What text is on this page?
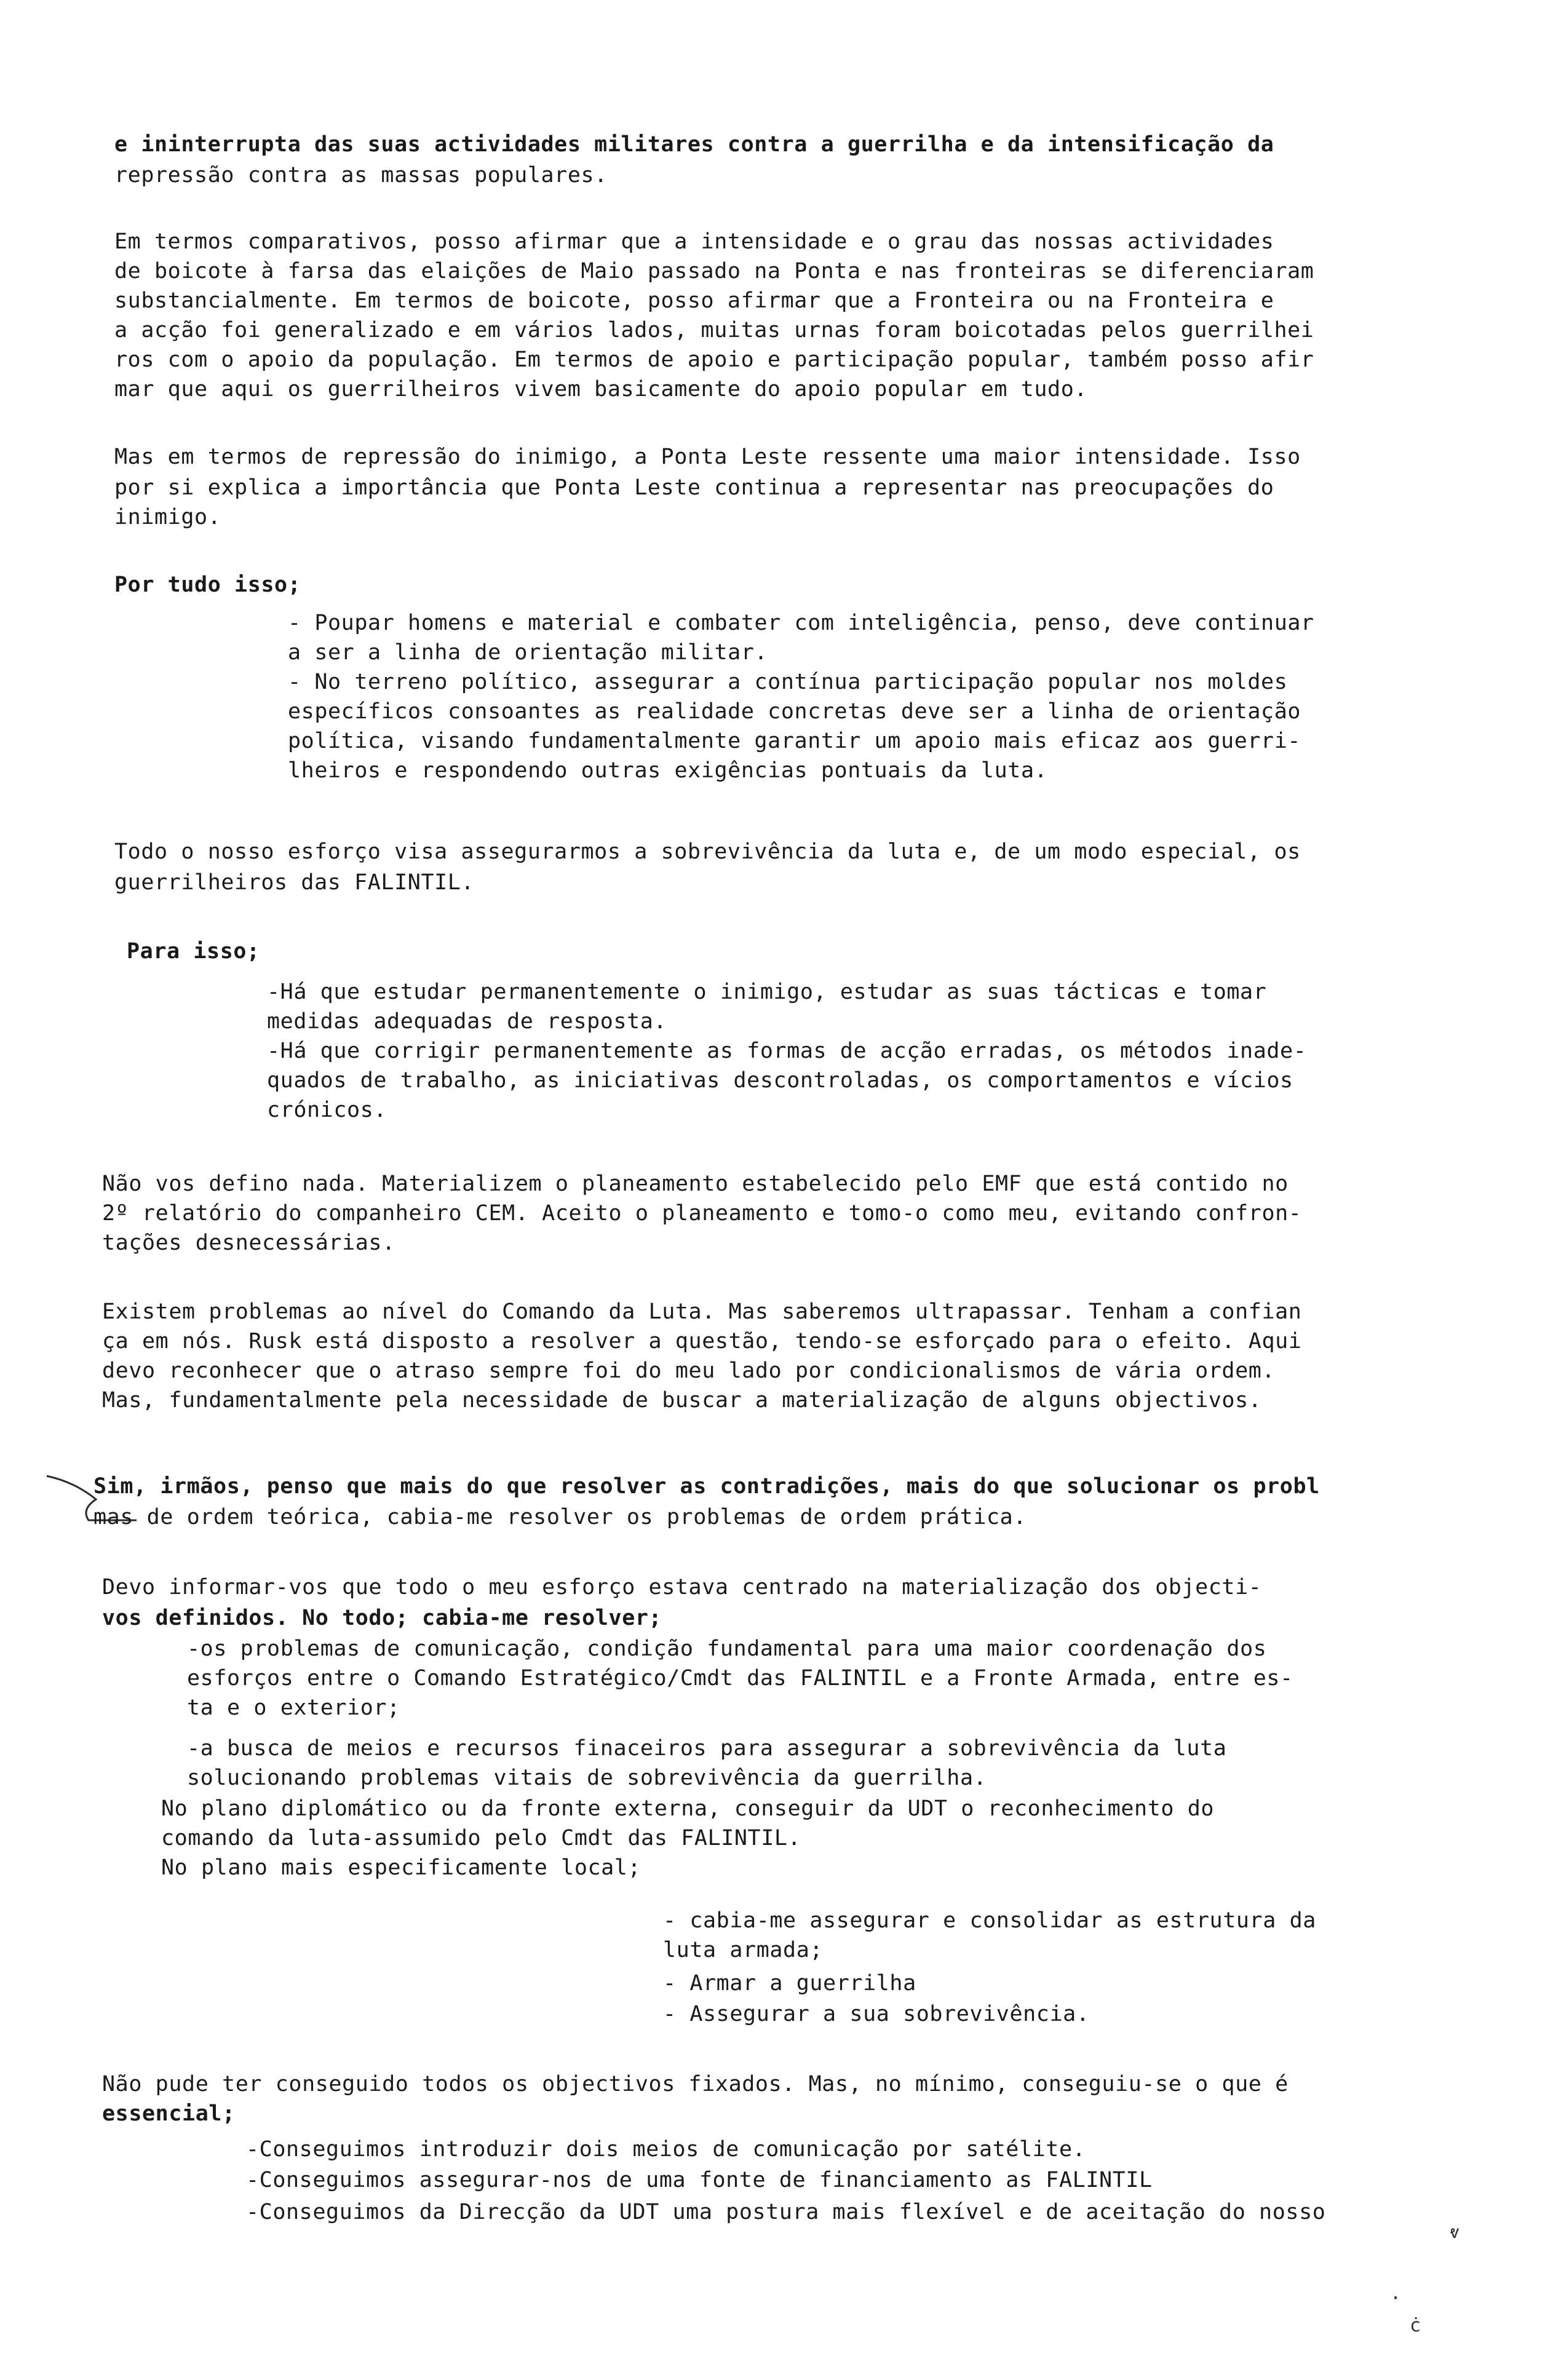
e ininterrupta das suas actividades militares contra a guerrilha e da intensificação da
repressão contra as massas populares.
Em termos comparativos, posso afirmar que a intensidade e o grau das nossas actividades
de boicote à farsa das elaições de Maio passado na Ponta e nas fronteiras se diferenciaram
substancialmente. Em termos de boicote, posso afirmar que a Fronteira ou na Fronteira e
a acção foi generalizado e em vários lados, muitas urnas foram boicotadas pelos guerrilhei
ros com o apoio da população. Em termos de apoio e participação popular, também posso afir
mar que aqui os guerrilheiros vivem basicamente do apoio popular em tudo.
Mas em termos de repressão do inimigo, a Ponta Leste ressente uma maior intensidade. Isso
por si explica a importância que Ponta Leste continua a representar nas preocupações do
inimigo.
Por tudo isso;
- Poupar homens e material e combater com inteligência, penso, deve continuar
a ser a linha de orientação militar.
- No terreno político, assegurar a contínua participação popular nos moldes
específicos consoantes as realidade concretas deve ser a linha de orientação
política, visando fundamentalmente garantir um apoio mais eficaz aos guerri-
lheiros e respondendo outras exigências pontuais da luta.
Todo o nosso esforço visa assegurarmos a sobrevivência da luta e, de um modo especial, os
guerrilheiros das FALINTIL.
Para isso;
-Há que estudar permanentemente o inimigo, estudar as suas tácticas e tomar
medidas adequadas de resposta.
-Há que corrigir permanentemente as formas de acção erradas, os métodos inade-
quados de trabalho, as iniciativas descontroladas, os comportamentos e vícios
crónicos.
Não vos defino nada. Materializem o planeamento estabelecido pelo EMF que está contido no
2º relatório do companheiro CEM. Aceito o planeamento e tomo-o como meu, evitando confron-
tações desnecessárias.
Existem problemas ao nível do Comando da Luta. Mas saberemos ultrapassar. Tenham a confian
ça em nós. Rusk está disposto a resolver a questão, tendo-se esforçado para o efeito. Aqui
devo reconhecer que o atraso sempre foi do meu lado por condicionalismos de vária ordem.
Mas, fundamentalmente pela necessidade de buscar a materialização de alguns objectivos.
Sim, irmãos, penso que mais do que resolver as contradições, mais do que solucionar os probl
mas de ordem teórica, cabia-me resolver os problemas de ordem prática.
Devo informar-vos que todo o meu esforço estava centrado na materialização dos objecti-
vos definidos. No todo; cabia-me resolver;
-os problemas de comunicação, condição fundamental para uma maior coordenação dos
esforços entre o Comando Estratégico/Cmdt das FALINTIL e a Fronte Armada, entre es-
ta e o exterior;
-a busca de meios e recursos finaceiros para assegurar a sobrevivência da luta
solucionando problemas vitais de sobrevivência da guerrilha.
No plano diplomático ou da fronte externa, conseguir da UDT o reconhecimento do
comando da luta-assumido pelo Cmdt das FALINTIL.
No plano mais especificamente local;
- cabia-me assegurar e consolidar as estrutura da
luta armada;
- Armar a guerrilha
- Assegurar a sua sobrevivência.
Não pude ter conseguido todos os objectivos fixados. Mas, no mínimo, conseguiu-se o que é
essencial;
-Conseguimos introduzir dois meios de comunicação por satélite.
-Conseguimos assegurar-nos de uma fonte de financiamento as FALINTIL
-Conseguimos da Direcção da UDT uma postura mais flexível e de aceitação do nosso
ⱴ
·
ċ
